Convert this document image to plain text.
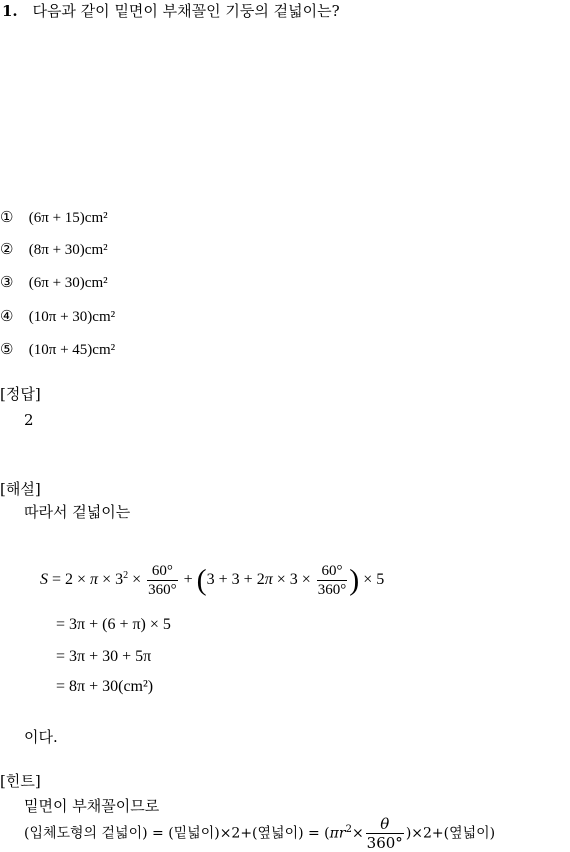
1. 다음과 같이 밑면이 부채꼴인 기둥의 겉넓이는?
① (6π + 15)cm²
② (8π + 30)cm²
③ (6π + 30)cm²
④ (10π + 30)cm²
⑤ (10π + 45)cm²
[정답]
2
[해설]
따라서 겉넓이는
$S = 2 \times \pi \times 3^2 \times \frac{60^\circ}{360^\circ} + (3 + 3 + 2\pi \times 3 \times \frac{60^\circ}{360^\circ}$ ) × 5
= 3π + (6 + π) × 5
= 3π + 30 + 5π
= 8π + 30(cm²)
이다.
[힌트]
밑면이 부채꼴이므로
(입체도형의 겉넓이) = (밑넓이)×2+(옆넓이) = $(\pi r^2\times \frac{\theta}{360^\circ} )\times 2+$(옆넓이)
